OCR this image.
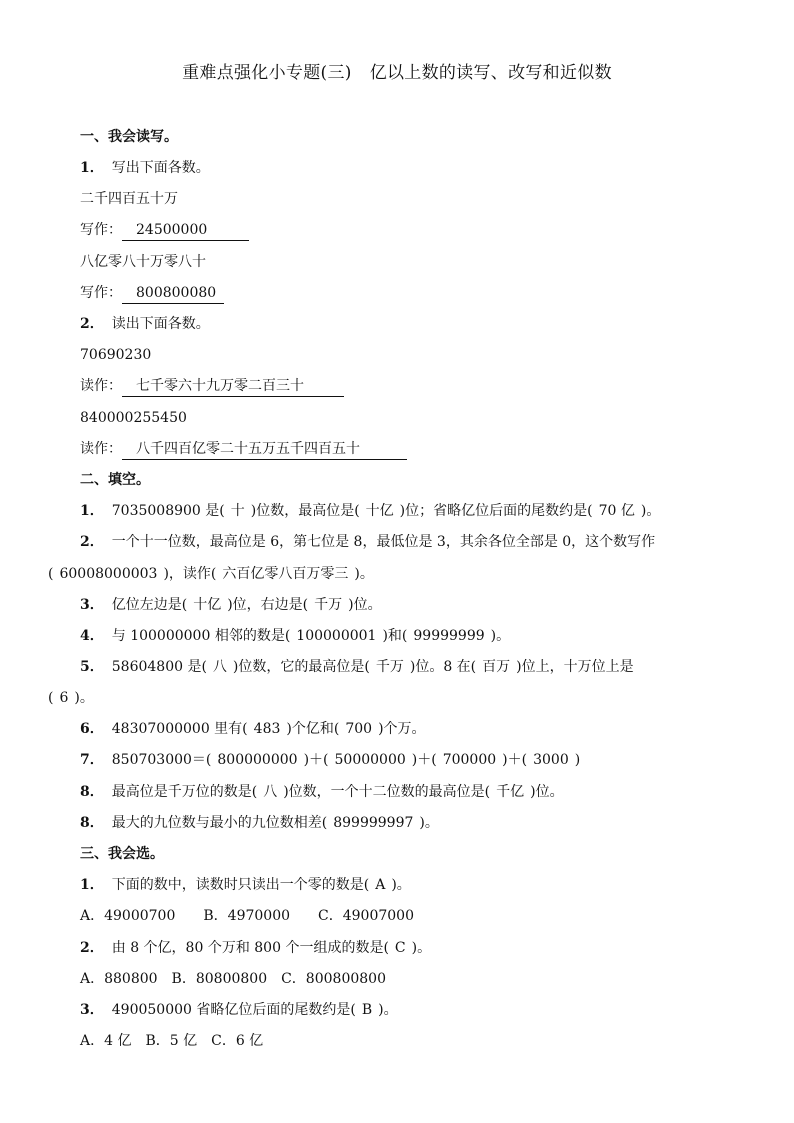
重难点强化小专题(三) 亿以上数的读写、改写和近似数
一、我会读写。
1． 写出下面各数。
二千四百五十万
写作： 24500000
八亿零八十万零八十
写作： 800800080
2． 读出下面各数。
70690230
读作： 七千零六十九万零二百三十
840000255450
读作： 八千四百亿零二十五万五千四百五十
二、填空。
1． 7035008900 是( 十 )位数，最高位是( 十亿 )位；省略亿位后面的尾数约是( 70 亿 )。
2． 一个十一位数，最高位是 6，第七位是 8，最低位是 3，其余各位全部是 0，这个数写作
( 60008000003 )，读作( 六百亿零八百万零三 )。
3． 亿位左边是( 十亿 )位，右边是( 千万 )位。
4． 与 100000000 相邻的数是( 100000001 )和( 99999999 )。
5． 58604800 是( 八 )位数，它的最高位是( 千万 )位。8 在( 百万 )位上，十万位上是
( 6 )。
6． 48307000000 里有( 483 )个亿和( 700 )个万。
7． 850703000＝( 800000000 )＋( 50000000 )＋( 700000 )＋( 3000 )
8． 最高位是千万位的数是( 八 )位数，一个十二位数的最高位是( 千亿 )位。
8． 最大的九位数与最小的九位数相差( 899999997 )。
三、我会选。
1． 下面的数中，读数时只读出一个零的数是( A )。
A．49000700　　B．4970000　　C．49007000
2． 由 8 个亿，80 个万和 800 个一组成的数是( C )。
A．880800　B．80800800　C．800800800
3． 490050000 省略亿位后面的尾数约是( B )。
A．4 亿　B．5 亿　C．6 亿
